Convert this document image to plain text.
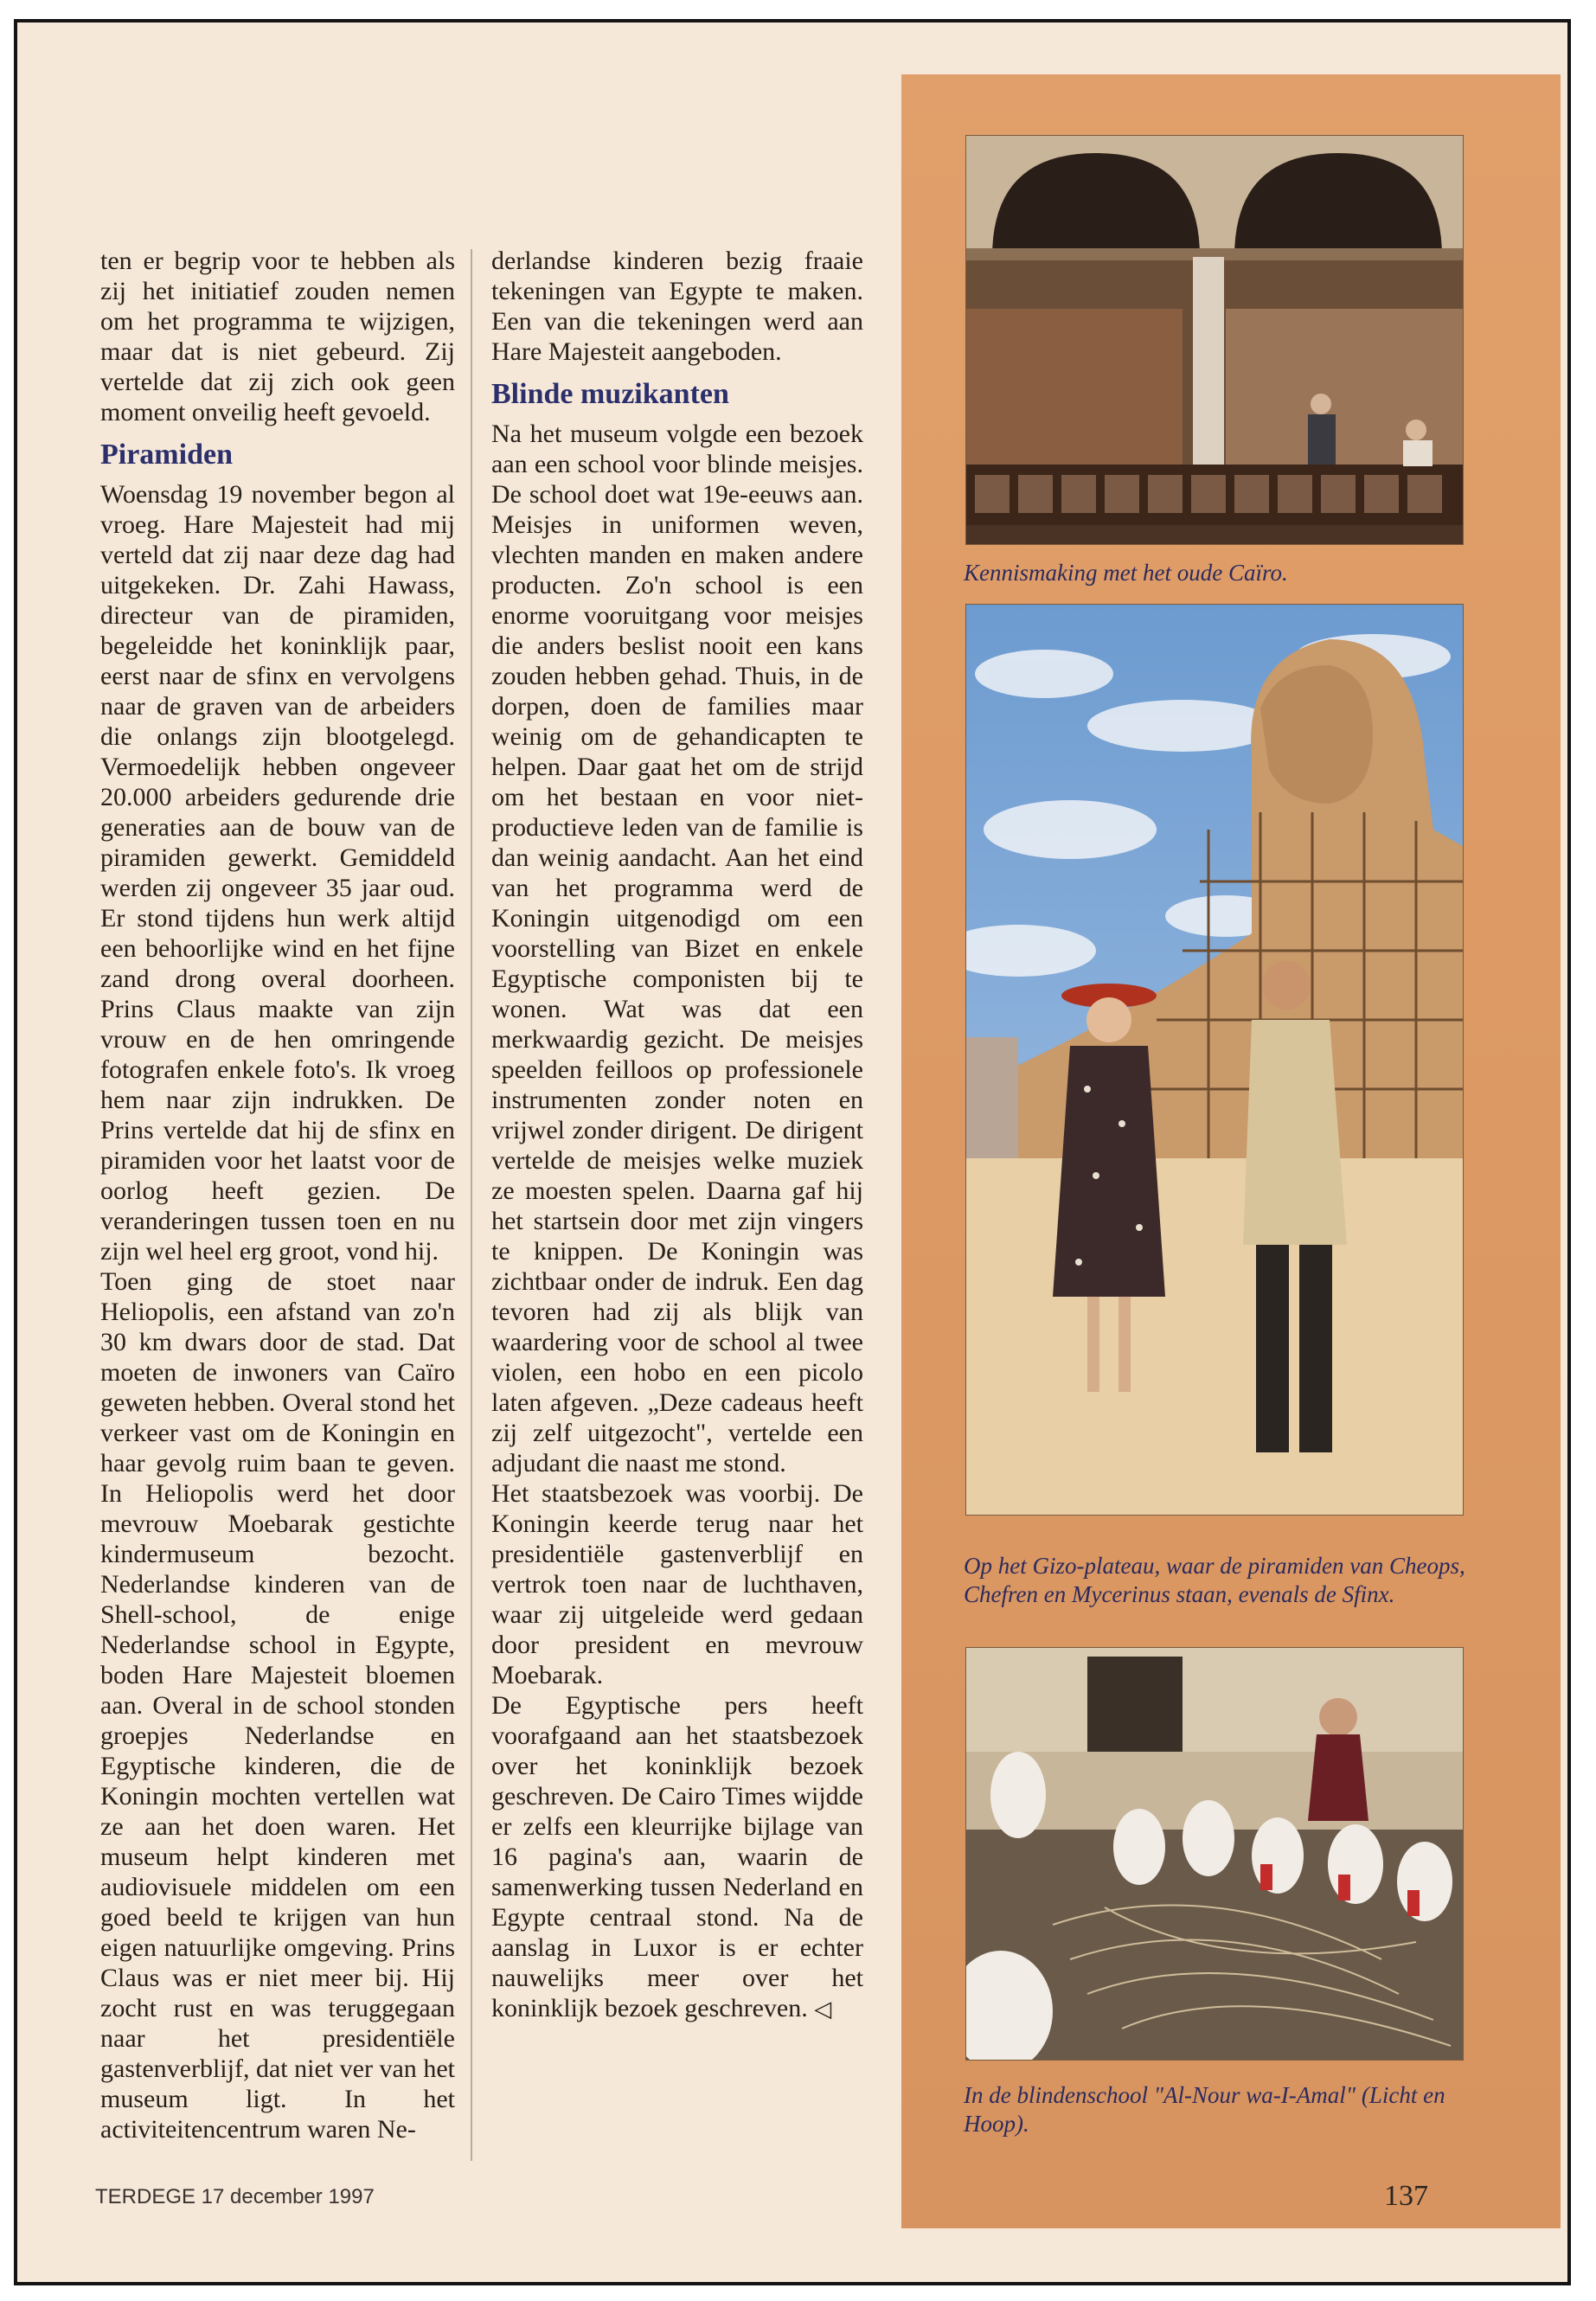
ten er begrip voor te hebben als zij het initiatief zouden nemen om het programma te wijzigen, maar dat is niet gebeurd. Zij vertelde dat zij zich ook geen moment onveilig heeft gevoeld.

Piramiden

Woensdag 19 november begon al vroeg. Hare Majesteit had mij verteld dat zij naar deze dag had uitgekeken. Dr. Zahi Hawass, directeur van de piramiden, begeleidde het koninklijk paar, eerst naar de sfinx en vervolgens naar de graven van de arbeiders die onlangs zijn blootgelegd. Vermoedelijk hebben ongeveer 20.000 arbeiders gedurende drie generaties aan de bouw van de piramiden gewerkt. Gemiddeld werden zij ongeveer 35 jaar oud. Er stond tijdens hun werk altijd een behoorlijke wind en het fijne zand drong overal doorheen. Prins Claus maakte van zijn vrouw en de hen omringende fotografen enkele foto's. Ik vroeg hem naar zijn indrukken. De Prins vertelde dat hij de sfinx en piramiden voor het laatst voor de oorlog heeft gezien. De veranderingen tussen toen en nu zijn wel heel erg groot, vond hij.

Toen ging de stoet naar Heliopolis, een afstand van zo'n 30 km dwars door de stad. Dat moeten de inwoners van Caïro geweten hebben. Overal stond het verkeer vast om de Koningin en haar gevolg ruim baan te geven. In Heliopolis werd het door mevrouw Moebarak gestichte kindermuseum bezocht. Nederlandse kinderen van de Shell-school, de enige Nederlandse school in Egypte, boden Hare Majesteit bloemen aan. Overal in de school stonden groepjes Nederlandse en Egyptische kinderen, die de Koningin mochten vertellen wat ze aan het doen waren. Het museum helpt kinderen met audiovisuele middelen om een goed beeld te krijgen van hun eigen natuurlijke omgeving. Prins Claus was er niet meer bij. Hij zocht rust en was teruggegaan naar het presidentiële gastenverblijf, dat niet ver van het museum ligt. In het activiteitencentrum waren Ne-

derlandse kinderen bezig fraaie tekeningen van Egypte te maken. Een van die tekeningen werd aan Hare Majesteit aangeboden.

Blinde muzikanten

Na het museum volgde een bezoek aan een school voor blinde meisjes. De school doet wat 19e-eeuws aan. Meisjes in uniformen weven, vlechten manden en maken andere producten. Zo'n school is een enorme vooruitgang voor meisjes die anders beslist nooit een kans zouden hebben gehad. Thuis, in de dorpen, doen de families maar weinig om de gehandicapten te helpen. Daar gaat het om de strijd om het bestaan en voor niet-productieve leden van de familie is dan weinig aandacht. Aan het eind van het programma werd de Koningin uitgenodigd om een voorstelling van Bizet en enkele Egyptische componisten bij te wonen. Wat was dat een merkwaardig gezicht. De meisjes speelden feilloos op professionele instrumenten zonder noten en vrijwel zonder dirigent. De dirigent vertelde de meisjes welke muziek ze moesten spelen. Daarna gaf hij het startsein door met zijn vingers te knippen. De Koningin was zichtbaar onder de indruk. Een dag tevoren had zij als blijk van waardering voor de school al twee violen, een hobo en een picolo laten afgeven. „Deze cadeaus heeft zij zelf uitgezocht", vertelde een adjudant die naast me stond.

Het staatsbezoek was voorbij. De Koningin keerde terug naar het presidentiële gastenverblijf en vertrok toen naar de luchthaven, waar zij uitgeleide werd gedaan door president en mevrouw Moebarak.

De Egyptische pers heeft voorafgaand aan het staatsbezoek over het koninklijk bezoek geschreven. De Cairo Times wijdde er zelfs een kleurrijke bijlage van 16 pagina's aan, waarin de samenwerking tussen Nederland en Egypte centraal stond. Na de aanslag in Luxor is er echter nauwelijks meer over het koninklijk bezoek geschreven. ◁

Kennismaking met het oude Caïro.
Op het Gizo-plateau, waar de piramiden van Cheops, Chefren en Mycerinus staan, evenals de Sfinx.
In de blindenschool "Al-Nour wa-I-Amal" (Licht en Hoop).
TERDEGE 17 december 1997	137
